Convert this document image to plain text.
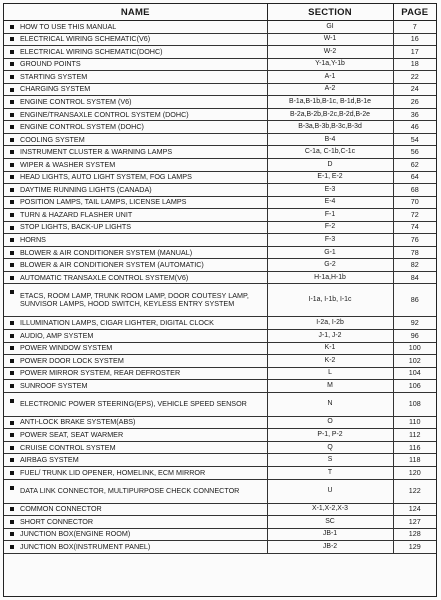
NAME	SECTION	PAGE

HOW TO USE THIS MANUAL	GI	7

ELECTRICAL WIRING SCHEMATIC(V6)	W-1	16

ELECTRICAL WIRING SCHEMATIC(DOHC)	W-2	17

GROUND POINTS	Y-1a,Y-1b	18

STARTING SYSTEM	A-1	22

CHARGING SYSTEM	A-2	24

ENGINE CONTROL SYSTEM (V6)	B-1a,B-1b,B-1c, B-1d,B-1e	26

ENGINE/TRANSAXLE CONTROL SYSTEM (DOHC)	B-2a,B-2b,B-2c,B-2d,B-2e	36

ENGINE CONTROL SYSTEM (DOHC)	B-3a,B-3b,B-3c,B-3d	46

COOLING SYSTEM	B-4	54

INSTRUMENT CLUSTER & WARNING LAMPS	C-1a, C-1b,C-1c	56

WIPER & WASHER SYSTEM	D	62

HEAD LIGHTS, AUTO LIGHT SYSTEM, FOG LAMPS	E-1, E-2	64

DAYTIME RUNNING LIGHTS (CANADA)	E-3	68

POSITION LAMPS, TAIL LAMPS, LICENSE LAMPS	E-4	70

TURN & HAZARD FLASHER UNIT	F-1	72

STOP LIGHTS, BACK-UP LIGHTS	F-2	74

HORNS	F-3	76

BLOWER & AIR CONDITIONER SYSTEM (MANUAL)	G-1	78

BLOWER & AIR CONDITIONER SYSTEM (AUTOMATIC)	G-2	82

AUTOMATIC TRANSAXLE CONTROL SYSTEM(V6)	H-1a,H-1b	84

ETACS, ROOM LAMP, TRUNK ROOM LAMP, DOOR COUTESY LAMP, SUNVISOR LAMPS, HOOD SWITCH, KEYLESS ENTRY SYSTEM	I-1a, I-1b, I-1c	86

ILLUMINATION LAMPS, CIGAR LIGHTER, DIGITAL CLOCK	I-2a, I-2b	92

AUDIO, AMP SYSTEM	J-1, J-2	96

POWER WINDOW SYSTEM	K-1	100

POWER DOOR LOCK SYSTEM	K-2	102

POWER MIRROR SYSTEM, REAR DEFROSTER	L	104

SUNROOF SYSTEM	M	106

ELECTRONIC POWER STEERING(EPS), VEHICLE SPEED SENSOR	N	108

ANTI-LOCK BRAKE SYSTEM(ABS)	O	110

POWER SEAT, SEAT WARMER	P-1, P-2	112

CRUISE CONTROL SYSTEM	Q	116

AIRBAG SYSTEM	S	118

FUEL/ TRUNK LID OPENER, HOMELINK, ECM MIRROR	T	120

DATA LINK CONNECTOR, MULTIPURPOSE CHECK CONNECTOR	U	122

COMMON CONNECTOR	X-1,X-2,X-3	124

SHORT CONNECTOR	SC	127

JUNCTION BOX(ENGINE ROOM)	JB-1	128

JUNCTION BOX(INSTRUMENT PANEL)	JB-2	129
